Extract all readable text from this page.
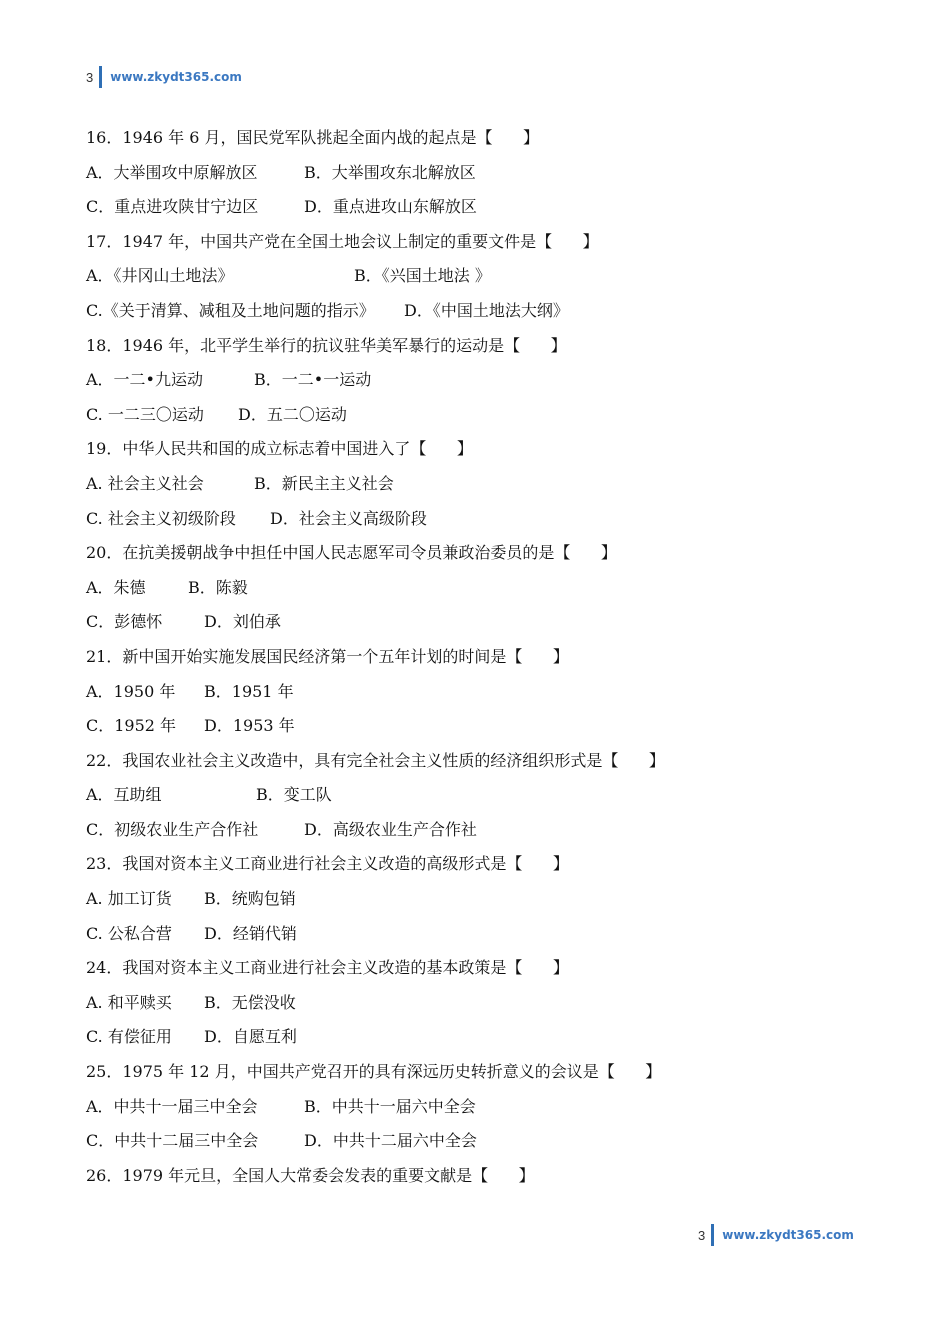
3 www.zkydt365.com
16．1946 年 6 月，国民党军队挑起全面内战的起点是【      】
A．大举围攻中原解放区	B．大举围攻东北解放区
C．重点进攻陕甘宁边区	D．重点进攻山东解放区
17．1947 年，中国共产党在全国土地会议上制定的重要文件是【      】
A．《井冈山土地法》	B．《兴国土地法 》
C.《关于清算、减租及土地问题的指示》 D．《中国土地法大纲》
18．1946 年，北平学生举行的抗议驻华美军暴行的运动是【      】
A．一二•九运动	B．一二•一运动
C. 一二三〇运动 D．五二〇运动
19．中华人民共和国的成立标志着中国进入了【      】
A. 社会主义社会	B．新民主主义社会
C. 社会主义初级阶段 D．社会主义高级阶段
20．在抗美援朝战争中担任中国人民志愿军司令员兼政治委员的是【      】
A．朱德	B．陈毅
C．彭德怀	D．刘伯承
21．新中国开始实施发展国民经济第一个五年计划的时间是【      】
A．1950 年 B．1951 年
C．1952 年 D．1953 年
22．我国农业社会主义改造中，具有完全社会主义性质的经济组织形式是【      】
A．互助组	B．变工队
C．初级农业生产合作社	D．高级农业生产合作社
23．我国对资本主义工商业进行社会主义改造的高级形式是【      】
A. 加工订货 B．统购包销
C. 公私合营 D．经销代销
24．我国对资本主义工商业进行社会主义改造的基本政策是【      】
A. 和平赎买 B．无偿没收
C. 有偿征用 D．自愿互利
25．1975 年 12 月，中国共产党召开的具有深远历史转折意义的会议是【      】
A．中共十一届三中全会	B．中共十一届六中全会
C．中共十二届三中全会	D．中共十二届六中全会
26．1979 年元旦，全国人大常委会发表的重要文献是【      】
3 www.zkydt365.com
